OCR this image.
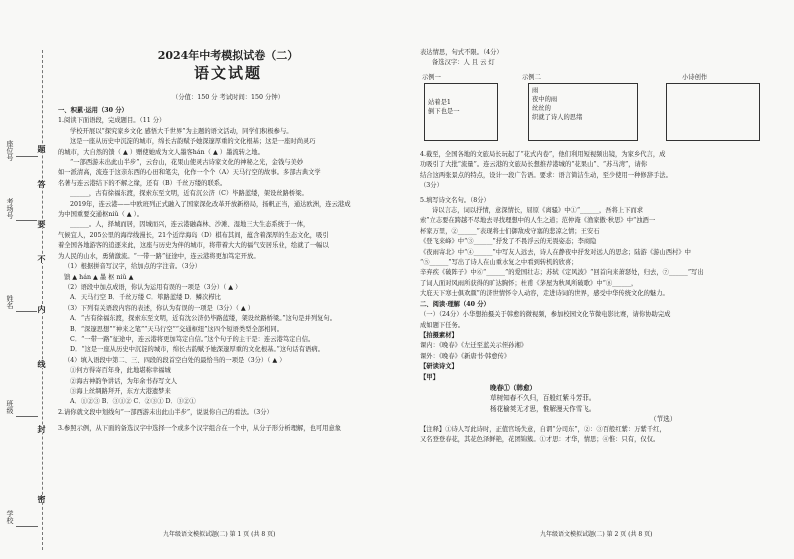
学校
班级
姓名
考场号
座位号
密
封
线
内
不
要
答
题
2024年中考模拟试卷（二）
语文试题
（分值：150 分 考试时间：150 分钟）
一、积累·运用（30 分）
1.阅读下面语段，完成题目。（11 分）
学校开展以“探究家乡文化 感悟大千世界”为主题的语文活动，同学们积极参与。
这是一座从历史中沉淀的城市，绵长古韵赋予她深邃厚重的文化根基；这是一座时尚灵巧
的城市，大自然的馈（ ▲ ）赠使她成为文人墨客hán（ ▲ ）墨流转之地。
“一部西游未出此山半步”，云台山，花果山使灵古诗家文化的神秘之光，金钱与美妙
如一派清高，流连于这亲东西的心田和笔尖，化作一个个（A）天马行空的故事。多部古典文学
名著与连云港结下的不解之缘，还有（B）千丝万缕的联系。
______，古有徐福东渡，探索东至文明，近有沉公济（C）毕路蓝缕，架设丝路桥梁。
2019年，连云港——中欧班列正式融入了国家深化改革开放新格局，扬帆正当，通达欧洲，连云港成
为中国重要交通枢niǔ（ ▲ ）。
______。人，择城而居，因城而兴，连云港融森林、沙滩、湿地三大生态系统于一体，
气候宜人，205公里的海岸线漫长，21个近岸海岛（D）棋布其间，蕴含着深厚的生态文化，吸引
着全国各地游客的追逐来此，这座与历史为伴的城市，将带着大大的福气安居乐业，绘就了一幅以
为人民的山水，勇猜激流。“一带一路”征途中，连云港将更加笃定开放。
（1）根据拼音写汉字，给加点的字注音。（3分）
馈 ▲ hán ▲ 墨 枢 niǔ ▲
（2）语段中加点成语，你认为运用有误的一项是（3分）（ ▲ ）
A．天马行空 B．千丝万缕 C．筚路蓝缕 D．鳞次栉比
（3）下列有关语段内容的表述，你认为有误的一项是（3分）（ ▲ ）
A．“古有徐福东渡，探索东至文明，近有沈公济仍毕路蓝缕，架设丝路桥梁。”这句是并列复句。
B．“深邃思想”“神来之笔”“天马行空”“交通枢纽”这四个短语类型全部相同。
C．“一带一路”征途中，连云港将更加笃定自信。”这个句子的主干是：连云港笃定自信。
D．“这是一座从历史中沉淀的城市，绵长古韵赋予她深邃厚重的文化根基。”这句话有语病。
（4）填入语段中第二、三、四段的段首空白处的最恰当的一项是（3分）（ ▲ ）
①何方得寄百年身，此地堪称幸福城
②海古神韵争讲话，为年余书春写文人
③海上丝绸路拜开，东方大港遗梦来
A．①②③ B．③①② C．②③① D．③②①
2.请你就文段中划线句“一部西游未出此山半步”，说说你自己的看法。（3分）
3.参照示例，从下面的备选汉字中选择一个或多个汉字组合在一个中，从分子形分析理解，也可用意象
九年级语文模拟试题(二) 第 1 页 (共 8 页)
表达情思，句式不限。（4分）
备选汉字：人 且 云 灯
示例一	示例二	小诗创作
站着是1
倒下也是一
雨
夜中的雨
丝丝的
织就了诗人的思绪
4.截至，全国各地的文旅局长玩起了“花式内卷”，他们利用短视频出镜，为家乡代言，成
功吸引了大批“流量”。连云港的文旅局长想推荐港城的“花果山”、“苏马湾”，请你
结合这两张景点的特点，设计一段广告语。要求：语言简洁生动，至少使用一种修辞手法。
（3分）
5.填写诗文名句。（8分）
诗以言志，词以抒情，意深情长，屈原《离骚》中①“______，吾将上下而求
索”立志要在跨越不尽地去寻找理想中的人生之道；范仲淹《渔家傲·秋思》中“浊酒一
杯家万里，②______”表现将士们御敌戍守塞的悲凉之情；王安石
《登飞来峰》中“③______”抒发了不畏浮云的无畏姿态；李商隐
《夜雨寄北》中“④______”中写友人远去，诗人在静夜中抒发对远人的思念；陆游《游山西村》中
“⑤______”写出了诗人在山重水复之中看到转机的欣喜；
辛弃疾《破阵子》中⑥“______”的爱国壮志；苏轼《定风波》“回首向来萧瑟处，归去，⑦______”写出
了词人面对风雨所获得的旷达胸怀；杜甫《茅屋为秋风所破歌》中“⑧______，
大庇天下寒士俱欢颜”的济世情怀令人动容，走进诗词的世界，感受中华传统文化的魅力。
二、阅读·理解（40 分）
（一）（24分）小华想拍摄关于韩愈的微视频，参加校园文化节微电影比赛，请你协助完成
成如题下任务。
【拍摄素材】
课内：《晚春》《左迁至蓝关示侄孙湘》
课外：《晚春》《新唐书·韩愈传》
【研读诗文】
【甲】
晚春①（韩愈）
草树知春不久归，百般红紫斗芳菲。
杨花榆荚无才思，惟解漫天作雪飞。
（节选）
【注释】①诗人写此诗时，正值官场失意，自谓“分司东”，②：③百般红紫：万紫千红，
又名登登春花，其花色泽鲜艳，花团锦簇。①才思：才华，情思；④惟：只有，仅仅。
九年级语文模拟试题(二) 第 2 页 (共 8 页)
